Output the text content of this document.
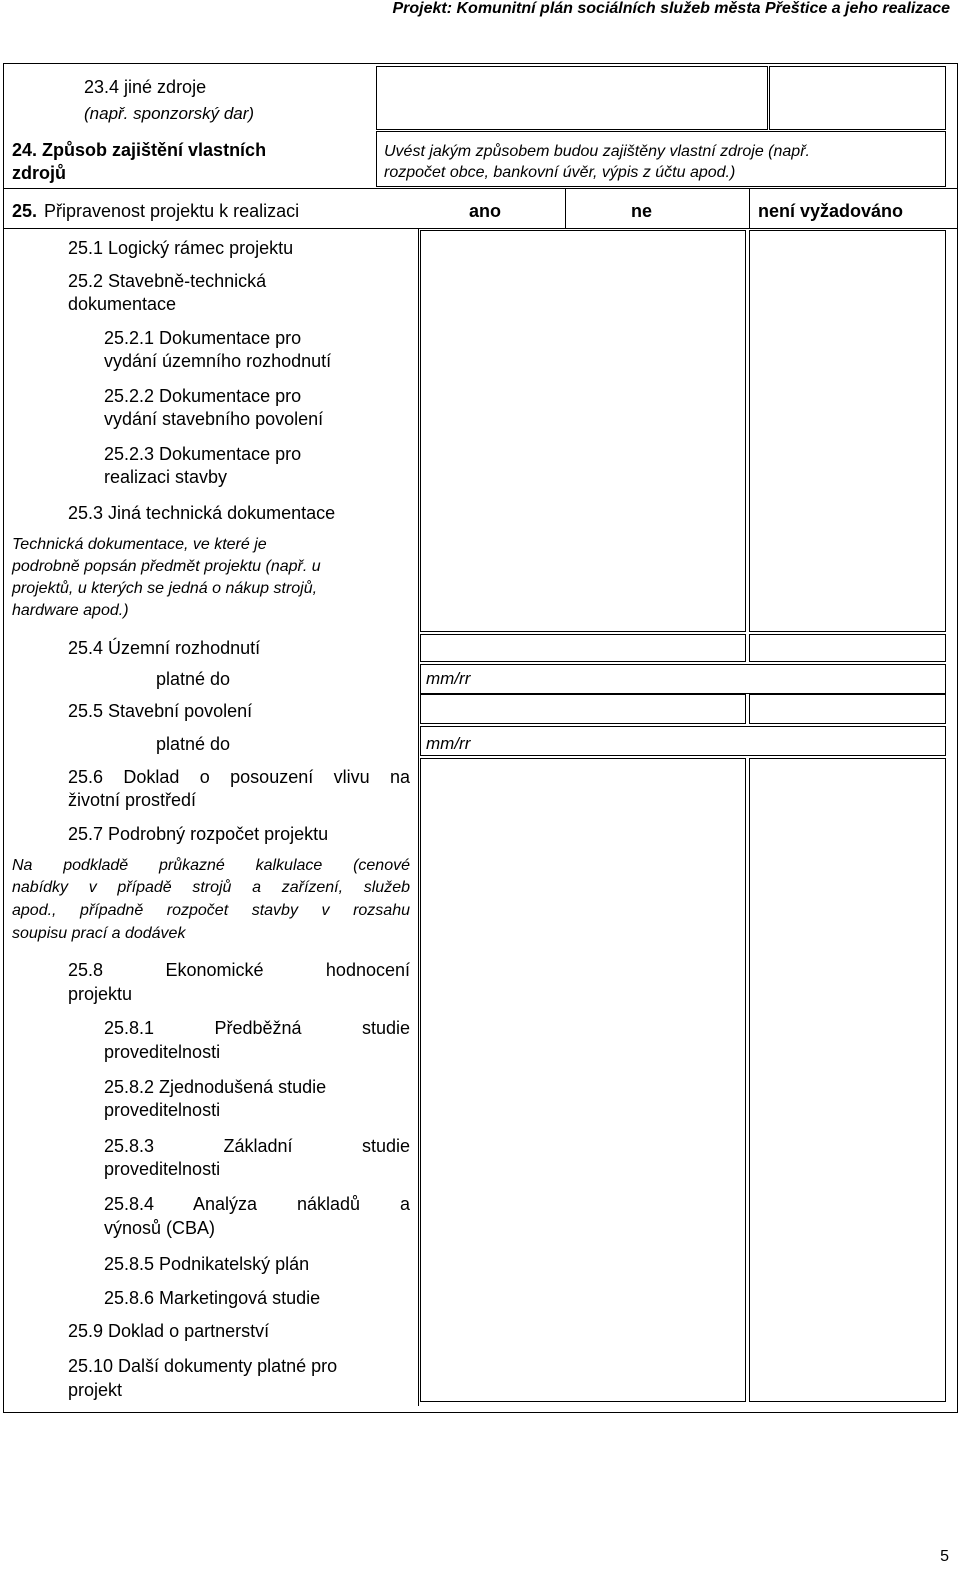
Projekt: Komunitní plán sociálních služeb města Přeštice a jeho realizace
23.4 jiné zdroje
(např. sponzorský dar)
24. Způsob zajištění vlastních
zdrojů
Uvést jakým způsobem budou zajištěny vlastní zdroje (např.
rozpočet obce, bankovní úvěr, výpis z účtu apod.)
25. Připravenost projektu k realizaci	ano	ne	není vyžadováno
25.1 Logický rámec projektu
25.2 Stavebně-technická
dokumentace
25.2.1 Dokumentace pro
vydání územního rozhodnutí
25.2.2 Dokumentace pro
vydání stavebního povolení
25.2.3 Dokumentace pro
realizaci stavby
25.3 Jiná technická dokumentace
Technická dokumentace, ve které je
podrobně popsán předmět projektu (např. u
projektů, u kterých se jedná o nákup strojů,
hardware apod.)
25.4 Územní rozhodnutí
platné do	mm/rr
25.5 Stavební povolení
platné do	mm/rr
25.6 Doklad o posouzení vlivu na
životní prostředí
25.7 Podrobný rozpočet projektu
Na podkladě průkazné kalkulace (cenové
nabídky v případě strojů a zařízení, služeb
apod., případně rozpočet stavby v rozsahu
soupisu prací a dodávek
25.8 Ekonomické hodnocení
projektu
25.8.1 Předběžná studie
proveditelnosti
25.8.2 Zjednodušená studie
proveditelnosti
25.8.3 Základní studie
proveditelnosti
25.8.4 Analýza nákladů a
výnosů (CBA)
25.8.5 Podnikatelský plán
25.8.6 Marketingová studie
25.9 Doklad o partnerství
25.10 Další dokumenty platné pro
projekt
5
